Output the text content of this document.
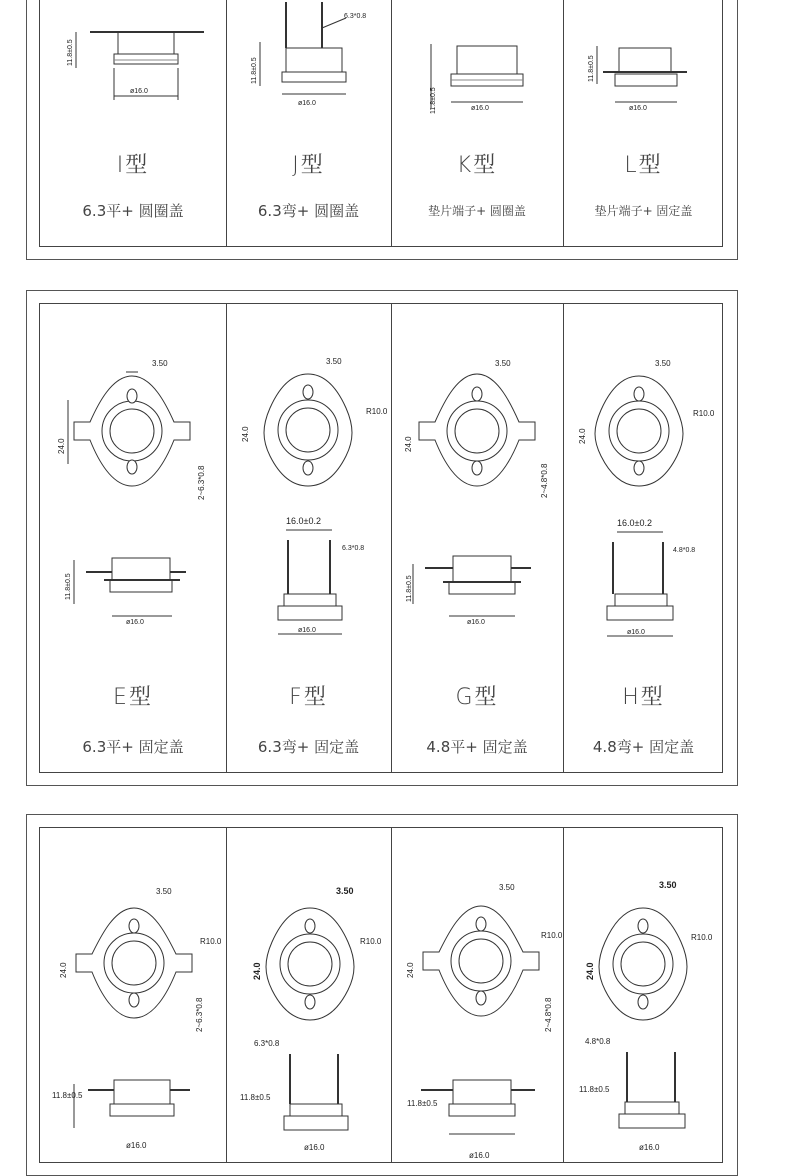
11.8±0.5
ø16.0
I型
6.3平+ 圆圈盖
6.3*0.8
11.8±0.5
ø16.0
J型
6.3弯+ 圆圈盖
11.8±0.5	ø16.0
K型
垫片端子+ 圆圈盖
11.8±0.5
ø16.0
L型
垫片端子+ 固定盖
3.50
24.0
2~6.3*0.8
11.8±0.5
ø16.0
E型
6.3平+ 固定盖
3.50
R10.0
24.0
16.0±0.2
6.3*0.8
ø16.0
F型
6.3弯+ 固定盖
3.50
24.0
2~4.8*0.8
11.8±0.5
ø16.0
G型
4.8平+ 固定盖
3.50
R10.0
24.0
16.0±0.2
4.8*0.8
ø16.0
H型
4.8弯+ 固定盖
3.50
R10.0
24.0
2~6.3*0.8
11.8±0.5
ø16.0
3.50
R10.0
24.0
6.3*0.8
11.8±0.5
ø16.0
3.50
R10.0
24.0
2~4.8*0.8
11.8±0.5
ø16.0
3.50
R10.0
24.0
4.8*0.8
11.8±0.5
ø16.0
